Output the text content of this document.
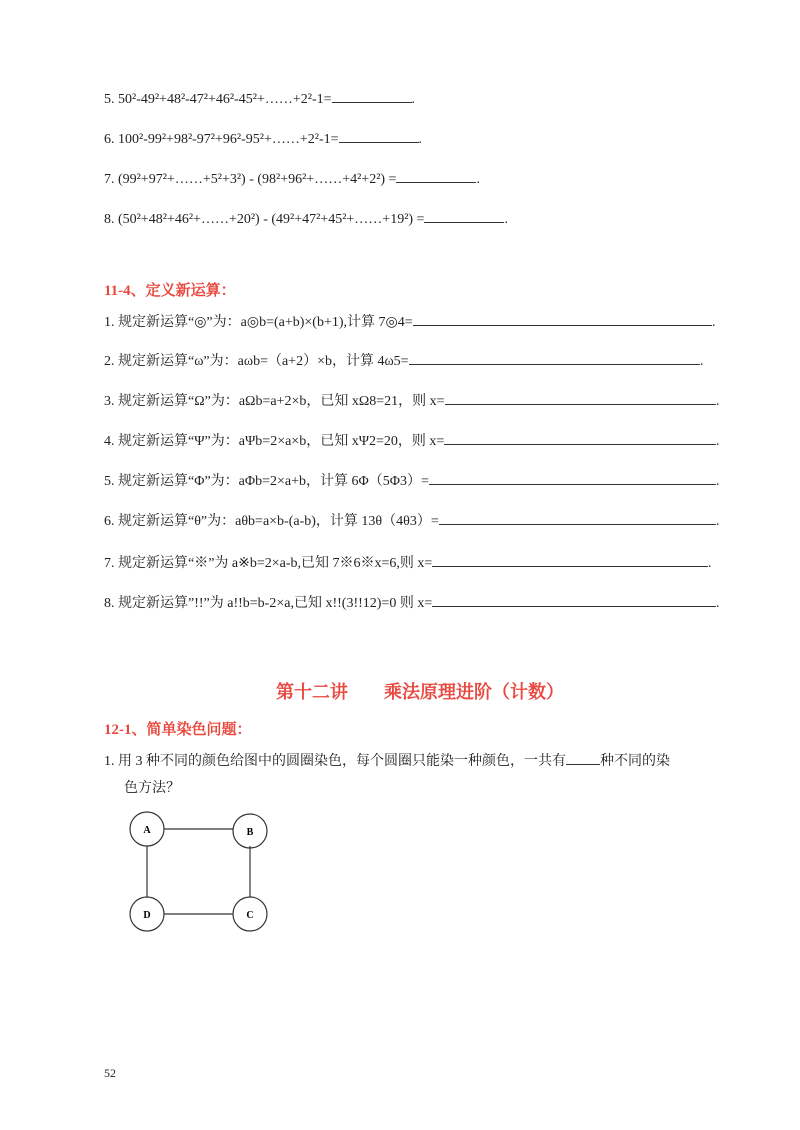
5. 50²-49²+48²-47²+46²-45²+……+2²-1=	.
6. 100²-99²+98²-97²+96²-95²+……+2²-1=	.
7. (99²+97²+……+5²+3²) - (98²+96²+……+4²+2²) =	.
8. (50²+48²+46²+……+20²) - (49²+47²+45²+……+19²) =	.
11-4、定义新运算：
1. 规定新运算“◎”为：a◎b=(a+b)×(b+1),计算 7◎4=	.
2. 规定新运算“ω”为：aωb=（a+2）×b，计算 4ω5=	.
3. 规定新运算“Ω”为：aΩb=a+2×b，已知 xΩ8=21，则 x=	.
4. 规定新运算“Ψ”为：aΨb=2×a×b，已知 xΨ2=20，则 x=	.
5. 规定新运算“Φ”为：aΦb=2×a+b，计算 6Φ（5Φ3）=	.
6. 规定新运算“θ”为：aθb=a×b-(a-b)，计算 13θ（4θ3）=	.
7. 规定新运算“※”为 a※b=2×a-b,已知 7※6※x=6,则 x=	.
8. 规定新运算”!!”为 a!!b=b-2×a,已知 x!!(3!!12)=0 则 x=	.
第十二讲　　乘法原理进阶（计数）
12-1、简单染色问题：
1. 用 3 种不同的颜色给图中的圆圈染色，每个圆圈只能染一种颜色，一共有 种不同的染
色方法？
A	B
C
D
52
